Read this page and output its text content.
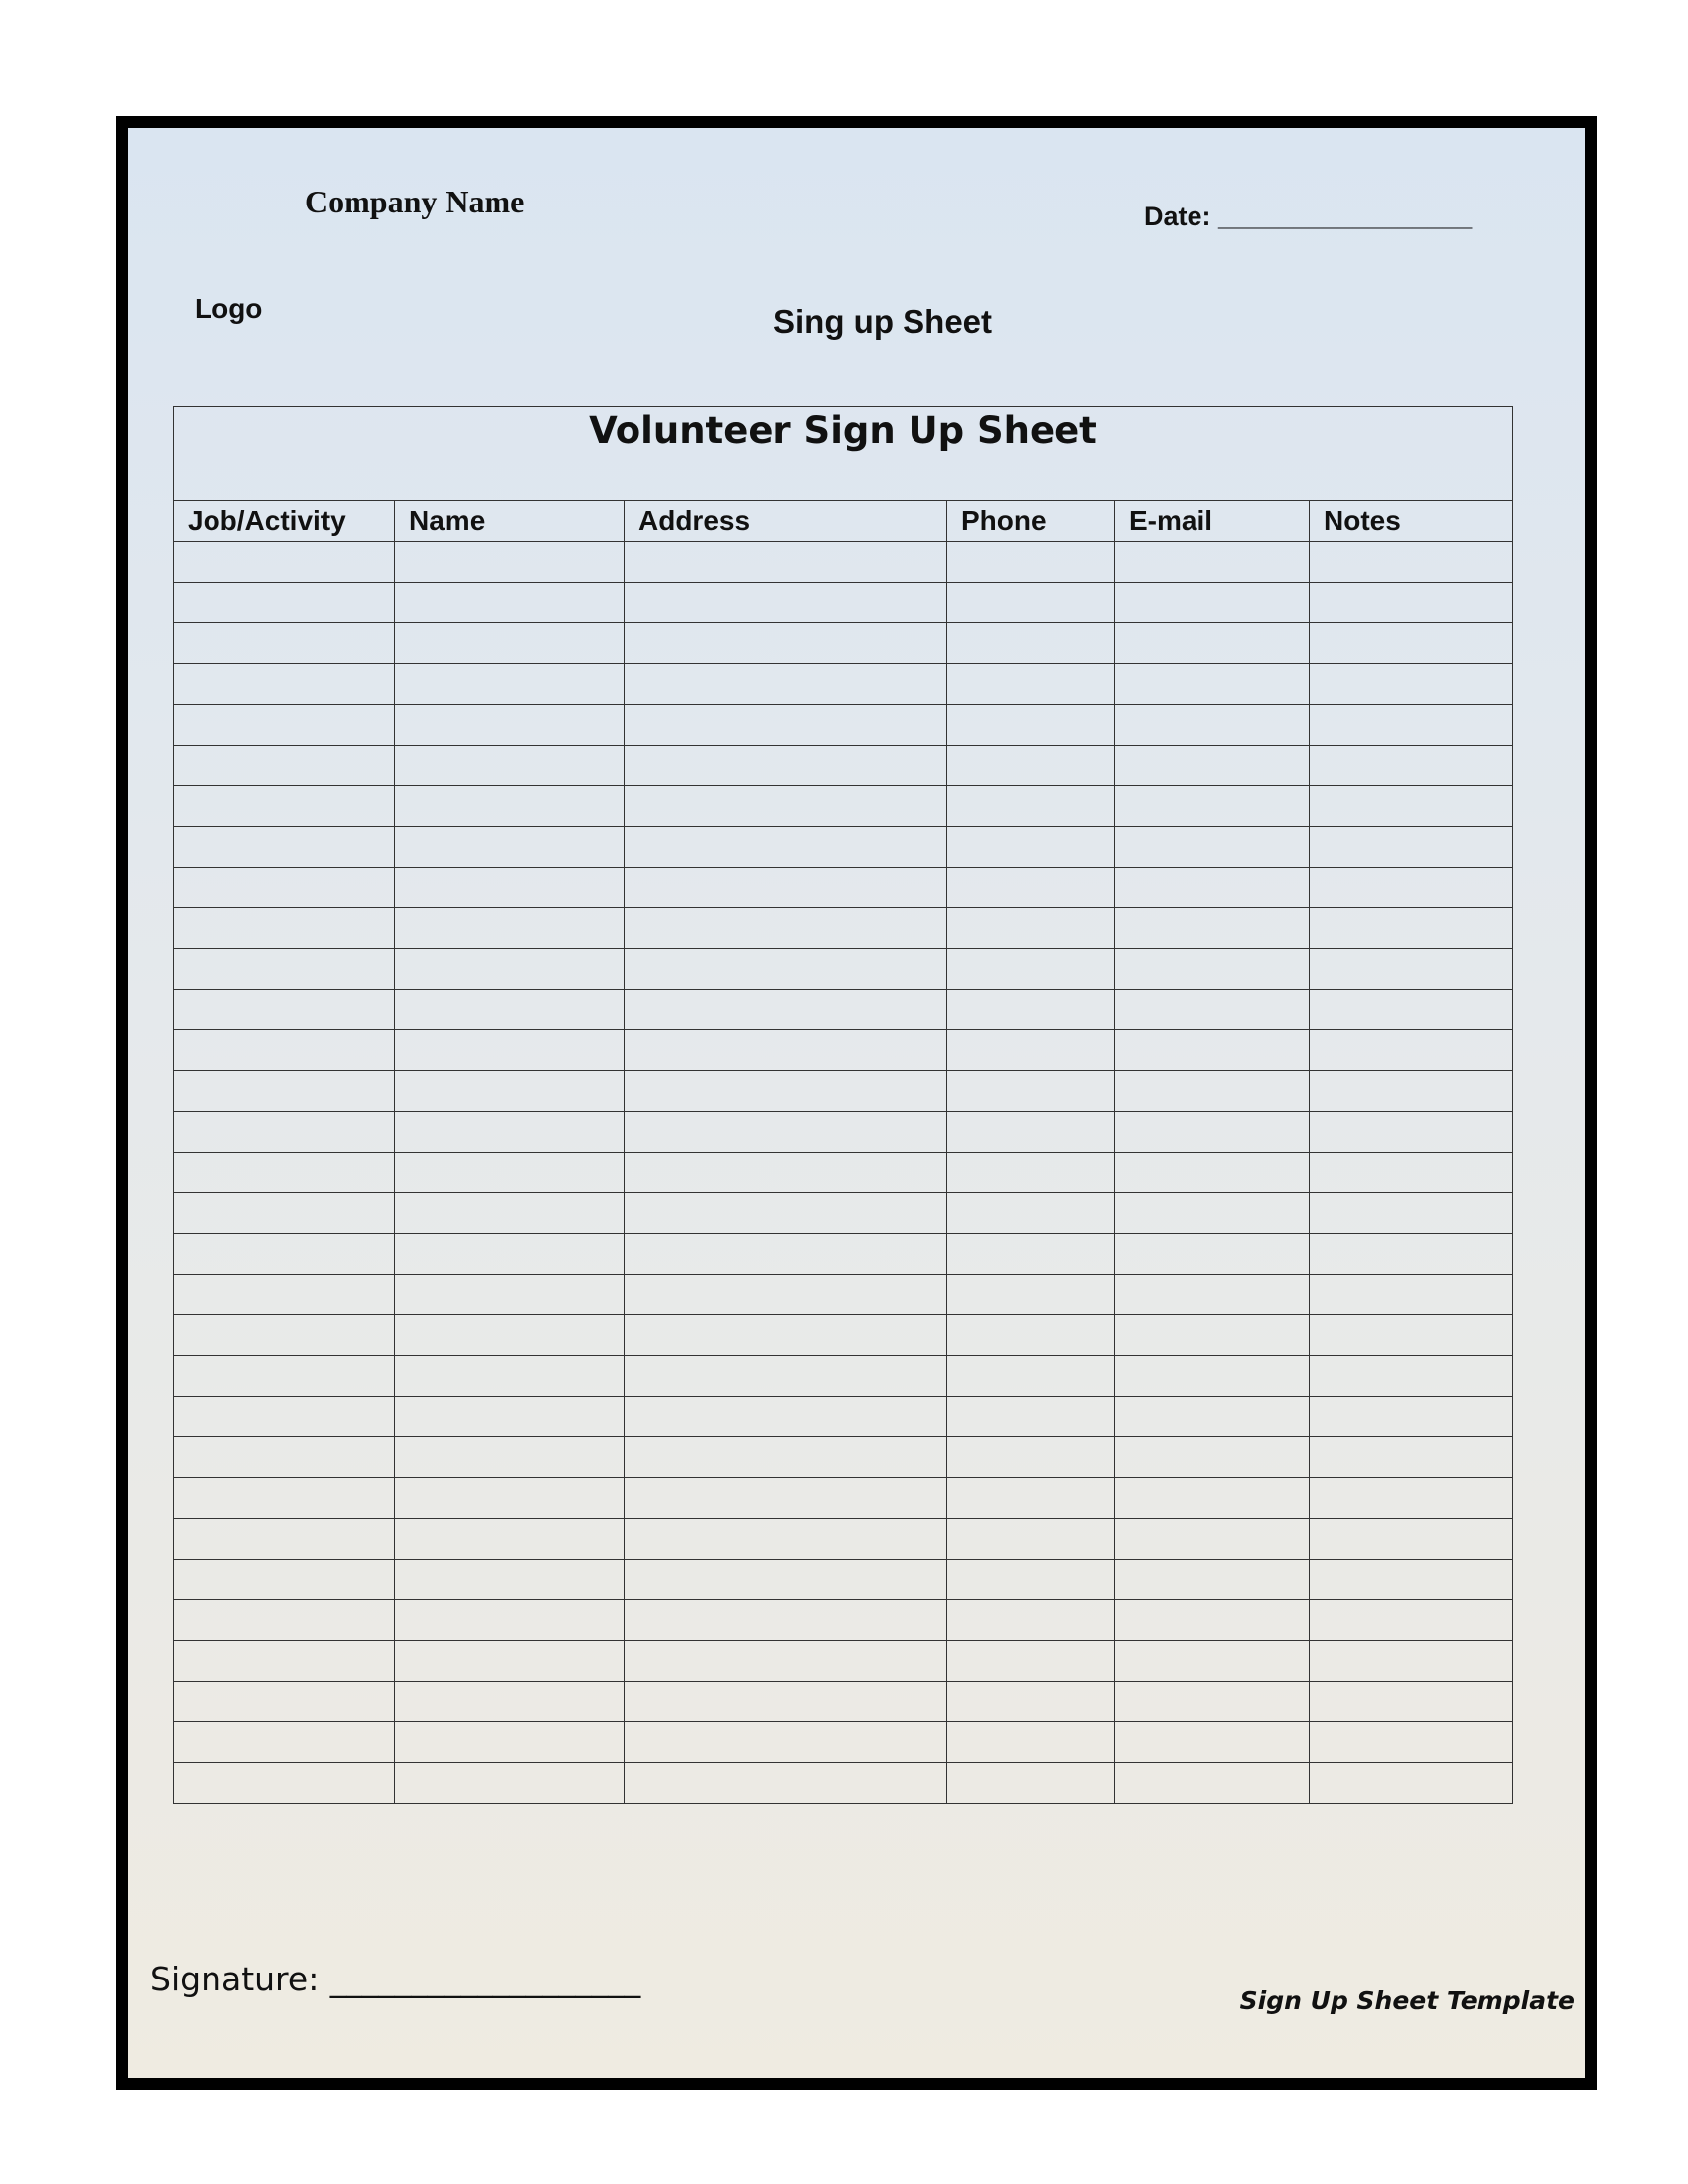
Company Name	Date: _________________
Logo	Sing up Sheet
Volunteer Sign Up Sheet					
Job/Activity	Name	Address	Phone	E-mail	Notes

Signature: ___________________
Sign Up Sheet Template
